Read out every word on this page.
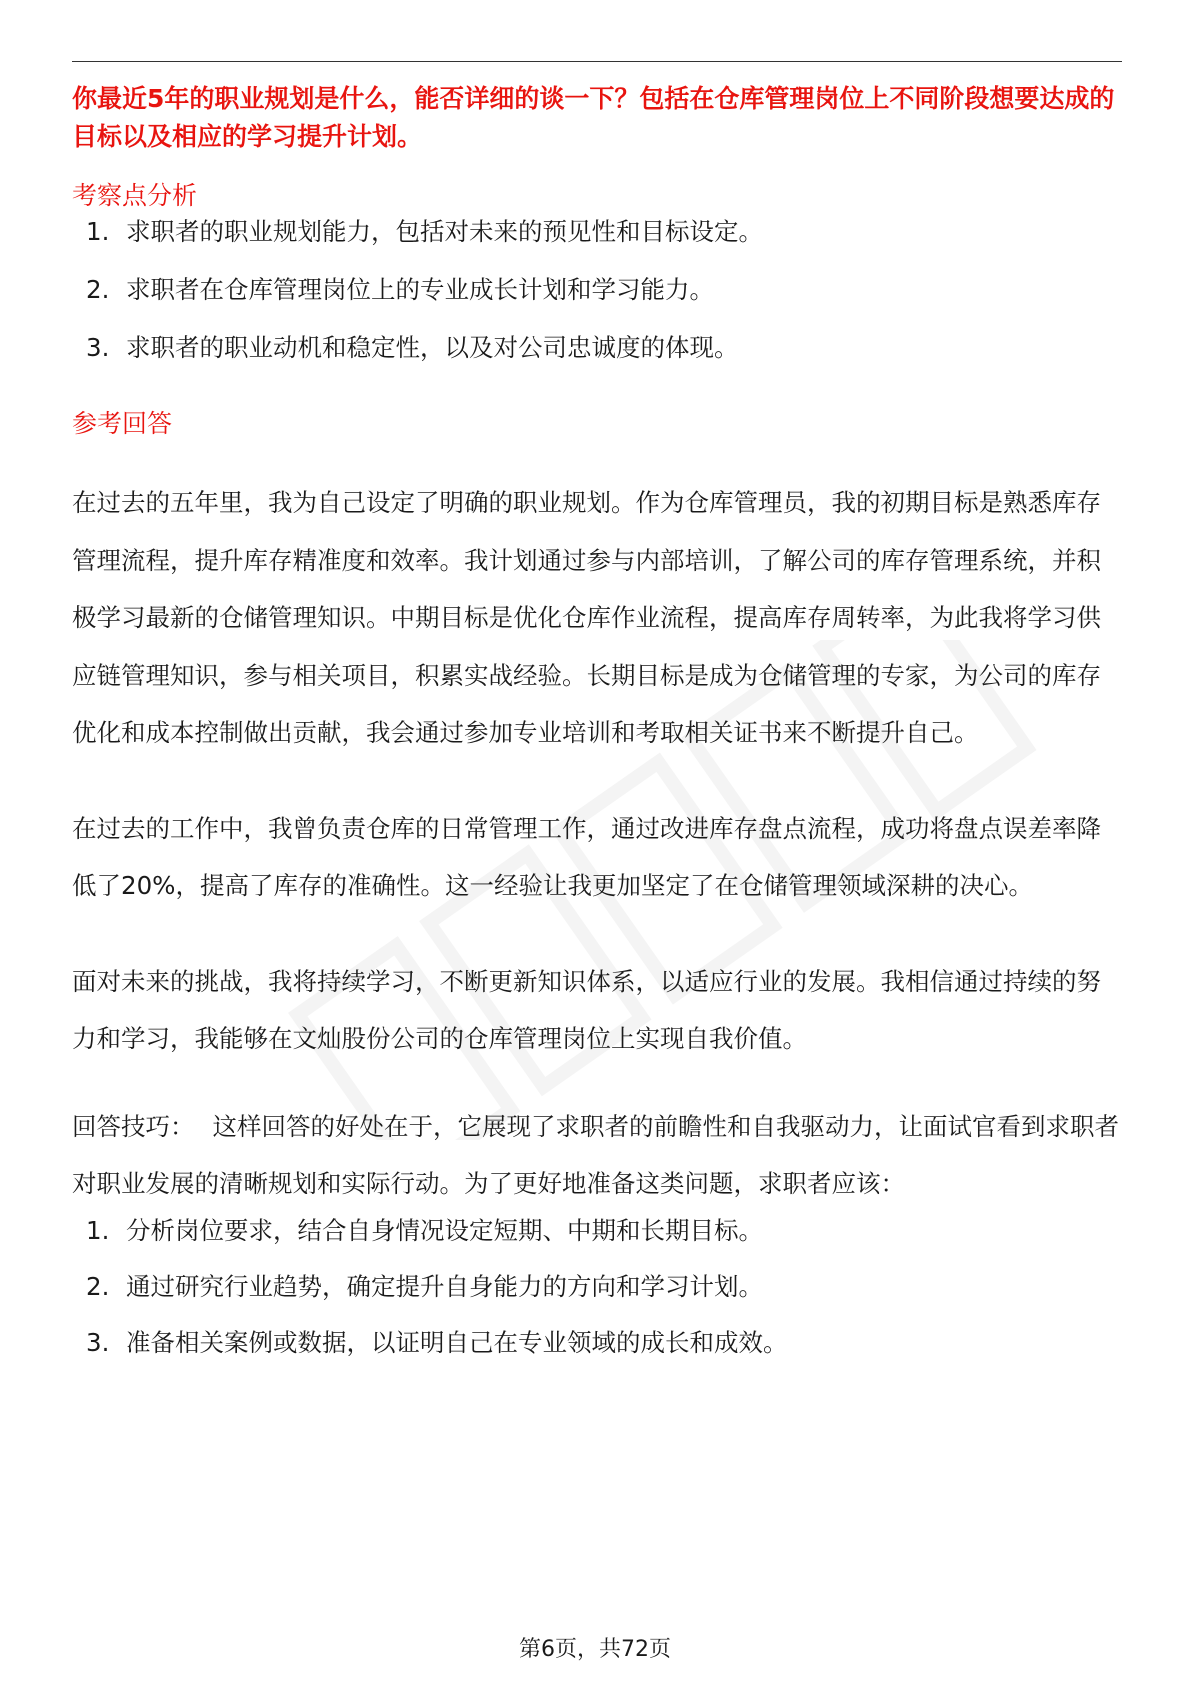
你最近5年的职业规划是什么，能否详细的谈一下？包括在仓库管理岗位上不同阶段想要达成的目标以及相应的学习提升计划。

考察点分析

1. 求职者的职业规划能力，包括对未来的预见性和目标设定。
2. 求职者在仓库管理岗位上的专业成长计划和学习能力。
3. 求职者的职业动机和稳定性，以及对公司忠诚度的体现。

参考回答

在过去的五年里，我为自己设定了明确的职业规划。作为仓库管理员，我的初期目标是熟悉库存管理流程，提升库存精准度和效率。我计划通过参与内部培训，了解公司的库存管理系统，并积极学习最新的仓储管理知识。中期目标是优化仓库作业流程，提高库存周转率，为此我将学习供应链管理知识，参与相关项目，积累实战经验。长期目标是成为仓储管理的专家，为公司的库存优化和成本控制做出贡献，我会通过参加专业培训和考取相关证书来不断提升自己。

在过去的工作中，我曾负责仓库的日常管理工作，通过改进库存盘点流程，成功将盘点误差率降低了20%，提高了库存的准确性。这一经验让我更加坚定了在仓储管理领域深耕的决心。

面对未来的挑战，我将持续学习，不断更新知识体系，以适应行业的发展。我相信通过持续的努力和学习，我能够在文灿股份公司的仓库管理岗位上实现自我价值。

回答技巧： 这样回答的好处在于，它展现了求职者的前瞻性和自我驱动力，让面试官看到求职者对职业发展的清晰规划和实际行动。为了更好地准备这类问题，求职者应该：

1. 分析岗位要求，结合自身情况设定短期、中期和长期目标。
2. 通过研究行业趋势，确定提升自身能力的方向和学习计划。
3. 准备相关案例或数据，以证明自己在专业领域的成长和成效。
第6页，共72页
